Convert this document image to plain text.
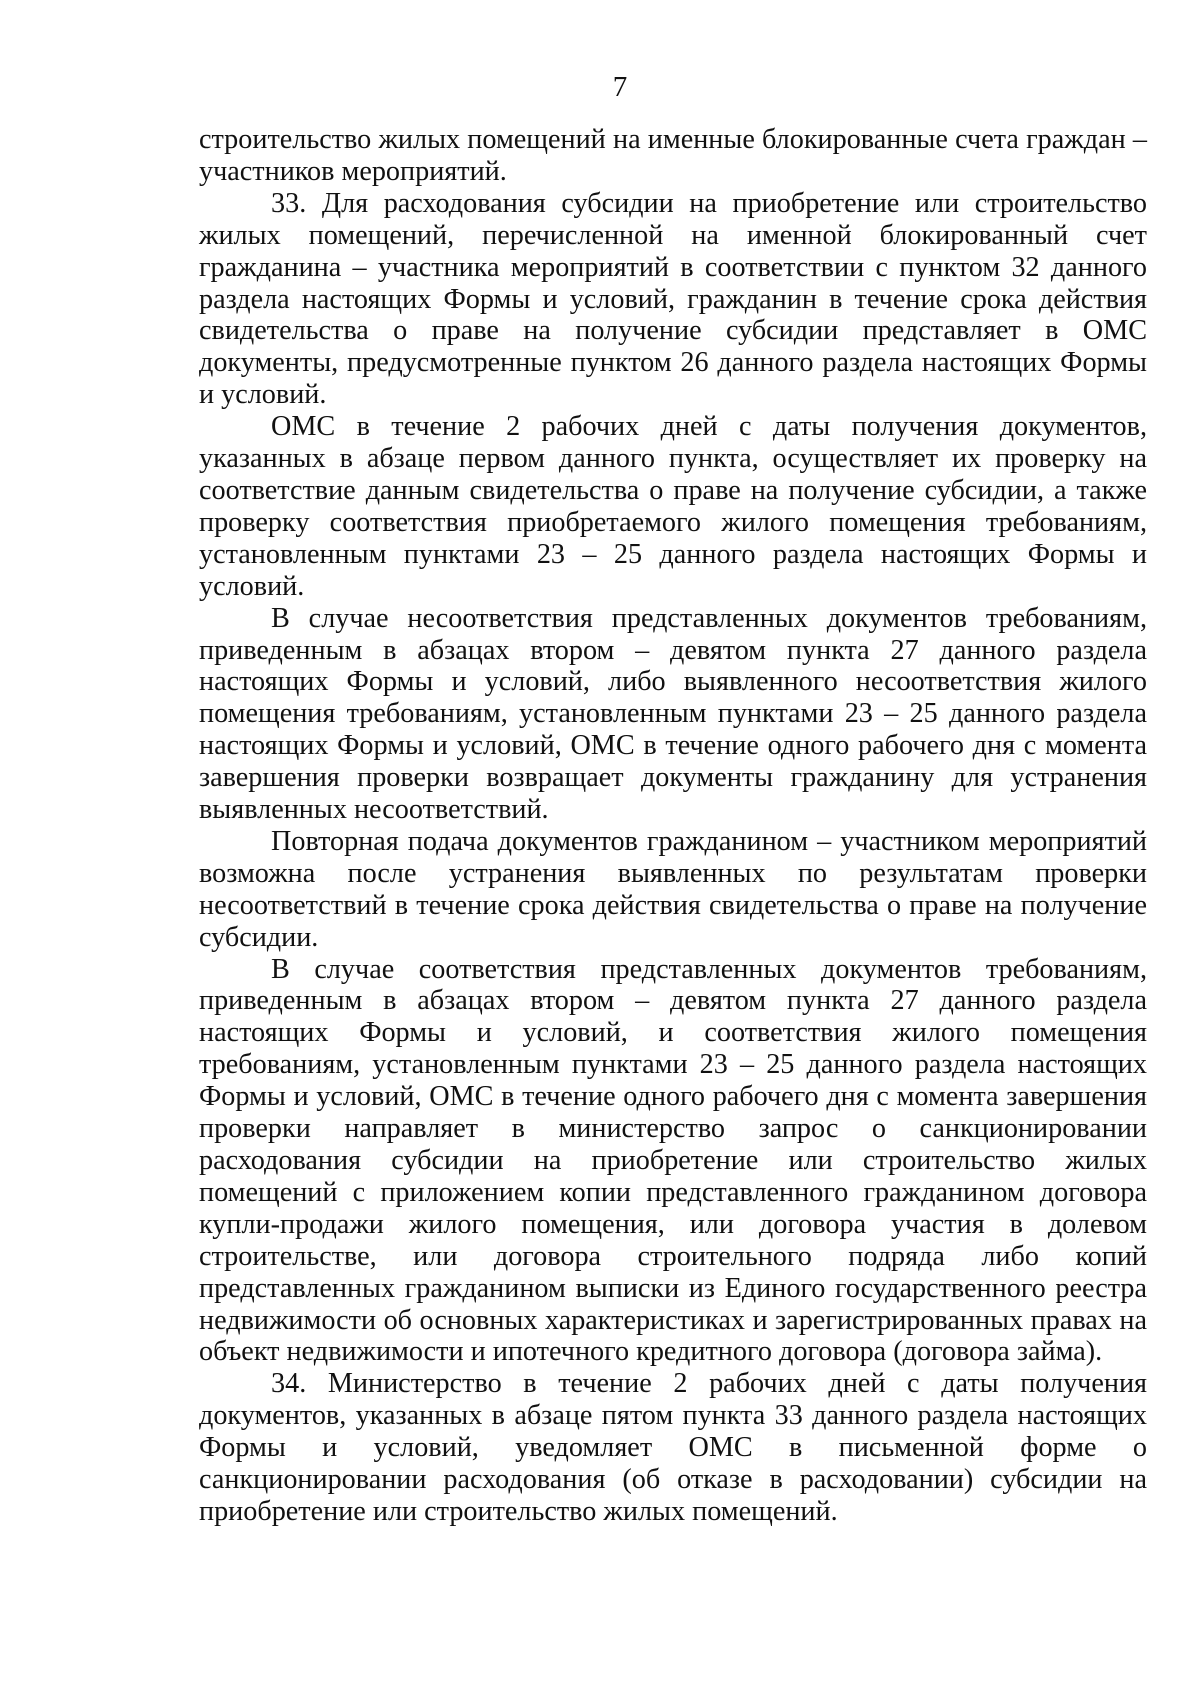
7

строительство жилых помещений на именные блокированные счета граждан – участников мероприятий.

33. Для расходования субсидии на приобретение или строительство жилых помещений, перечисленной на именной блокированный счет гражданина – участника мероприятий в соответствии с пунктом 32 данного раздела настоящих Формы и условий, гражданин в течение срока действия свидетельства о праве на получение субсидии представляет в ОМС документы, предусмотренные пунктом 26 данного раздела настоящих Формы и условий.

ОМС в течение 2 рабочих дней с даты получения документов, указанных в абзаце первом данного пункта, осуществляет их проверку на соответствие данным свидетельства о праве на получение субсидии, а также проверку соответствия приобретаемого жилого помещения требованиям, установленным пунктами 23 – 25 данного раздела настоящих Формы и условий.

В случае несоответствия представленных документов требованиям, приведенным в абзацах втором – девятом пункта 27 данного раздела настоящих Формы и условий, либо выявленного несоответствия жилого помещения требованиям, установленным пунктами 23 – 25 данного раздела настоящих Формы и условий, ОМС в течение одного рабочего дня с момента завершения проверки возвращает документы гражданину для устранения выявленных несоответствий.

Повторная подача документов гражданином – участником мероприятий возможна после устранения выявленных по результатам проверки несоответствий в течение срока действия свидетельства о праве на получение субсидии.

В случае соответствия представленных документов требованиям, приведенным в абзацах втором – девятом пункта 27 данного раздела настоящих Формы и условий, и соответствия жилого помещения требованиям, установленным пунктами 23 – 25 данного раздела настоящих Формы и условий, ОМС в течение одного рабочего дня с момента завершения проверки направляет в министерство запрос о санкционировании расходования субсидии на приобретение или строительство жилых помещений с приложением копии представленного гражданином договора купли-продажи жилого помещения, или договора участия в долевом строительстве, или договора строительного подряда либо копий представленных гражданином выписки из Единого государственного реестра недвижимости об основных характеристиках и зарегистрированных правах на объект недвижимости и ипотечного кредитного договора (договора займа).

34. Министерство в течение 2 рабочих дней с даты получения документов, указанных в абзаце пятом пункта 33 данного раздела настоящих Формы и условий, уведомляет ОМС в письменной форме о санкционировании расходования (об отказе в расходовании) субсидии на приобретение или строительство жилых помещений.
